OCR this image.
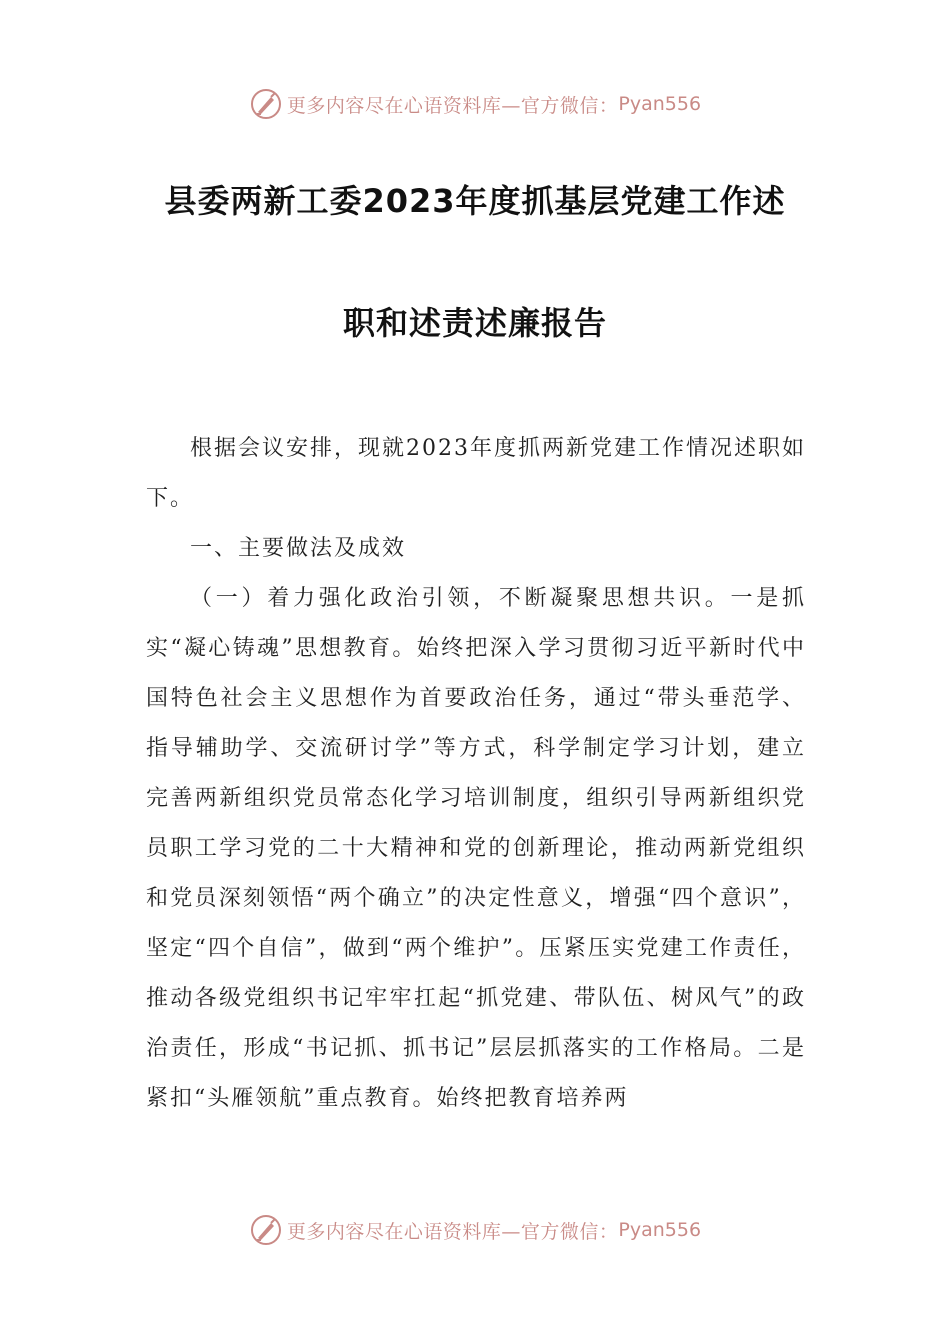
更多内容尽在心语资料库—官方微信： Pyan556
县委两新工委2023年度抓基层党建工作述
职和述责述廉报告

根据会议安排，现就2023年度抓两新党建工作情况述职如下。

一、主要做法及成效

（一）着力强化政治引领，不断凝聚思想共识。一是抓实“凝心铸魂”思想教育。始终把深入学习贯彻习近平新时代中国特色社会主义思想作为首要政治任务，通过“带头垂范学、指导辅助学、交流研讨学”等方式，科学制定学习计划，建立完善两新组织党员常态化学习培训制度，组织引导两新组织党员职工学习党的二十大精神和党的创新理论，推动两新党组织和党员深刻领悟“两个确立”的决定性意义，增强“四个意识”，坚定“四个自信”，做到“两个维护”。压紧压实党建工作责任，推动各级党组织书记牢牢扛起“抓党建、带队伍、树风气”的政治责任，形成“书记抓、抓书记”层层抓落实的工作格局。二是紧扣“头雁领航”重点教育。始终把教育培养两

更多内容尽在心语资料库—官方微信： Pyan556
